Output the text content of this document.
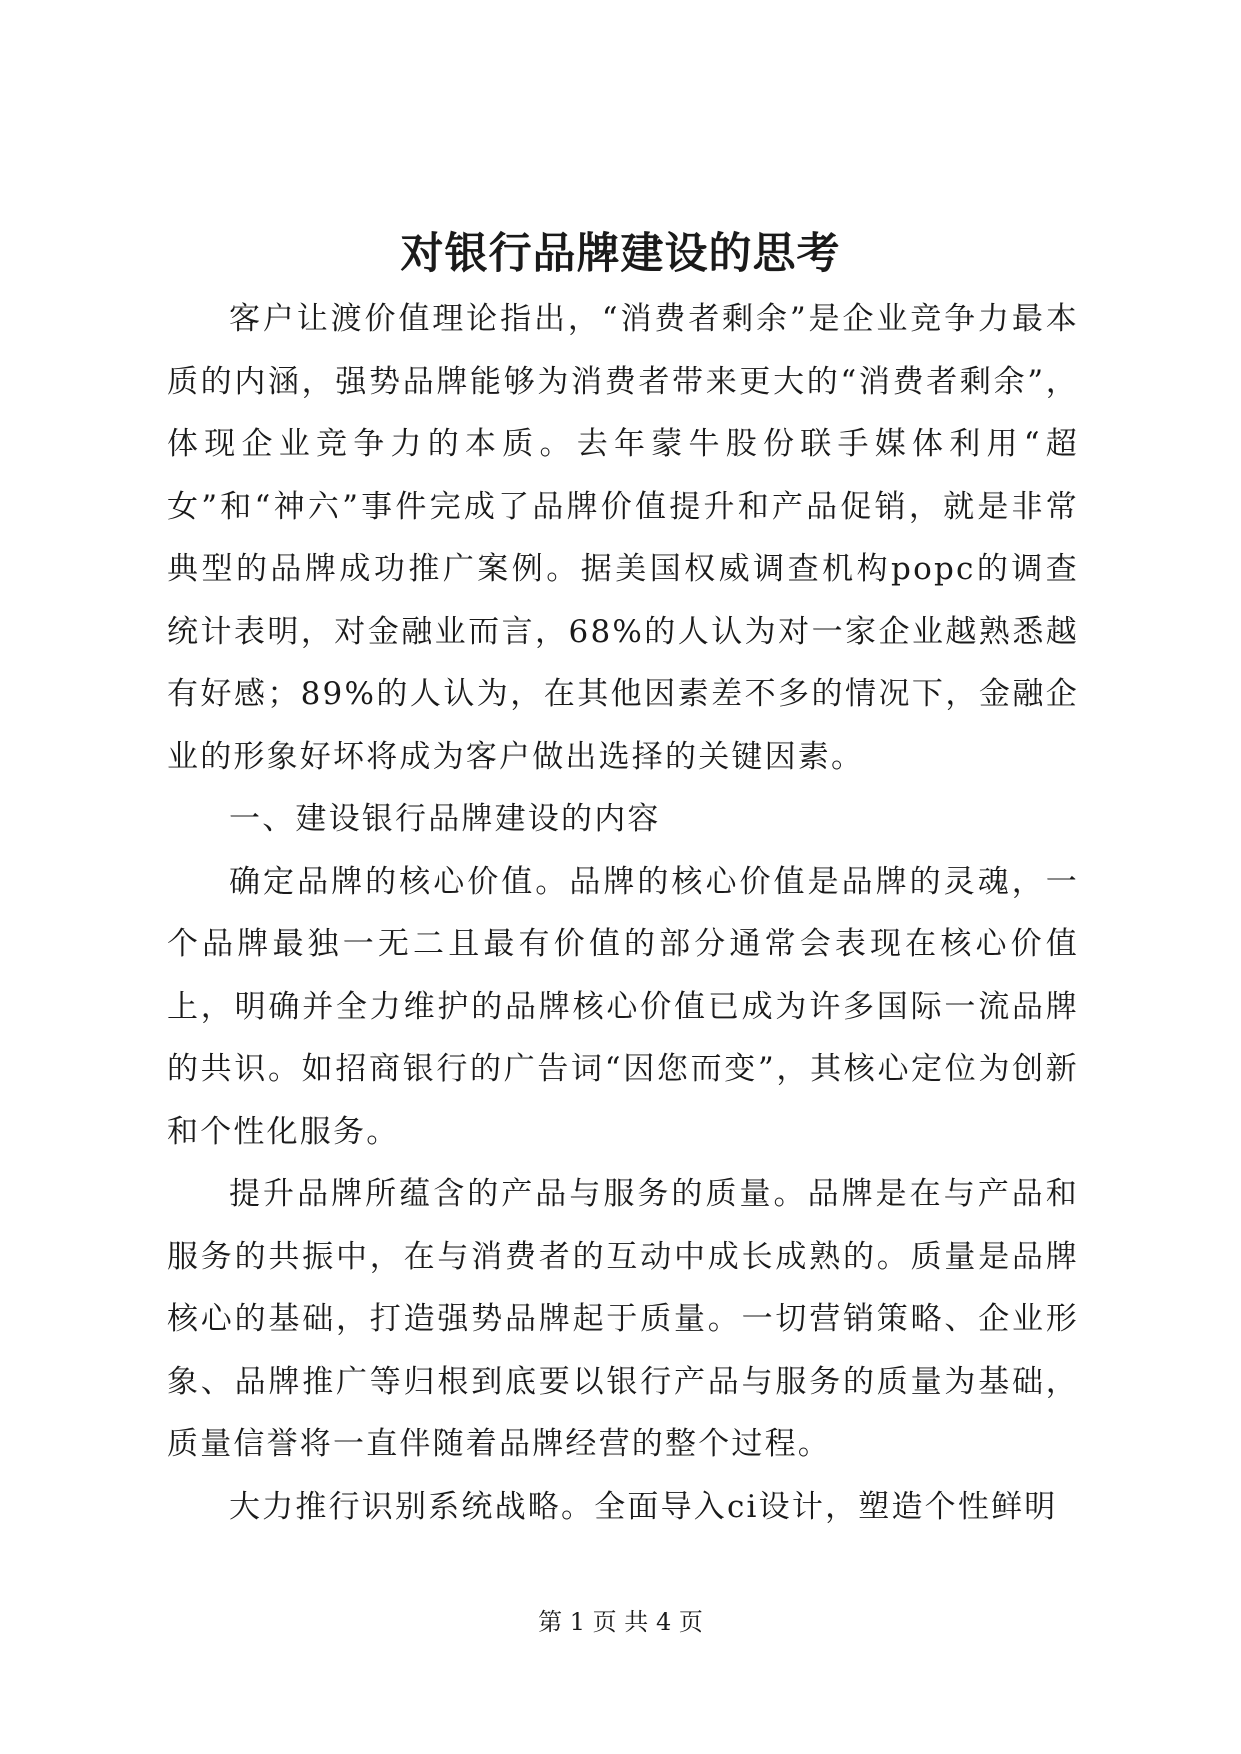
对银行品牌建设的思考

客户让渡价值理论指出，“消费者剩余”是企业竞争力最本质的内涵，强势品牌能够为消费者带来更大的“消费者剩余”，体现企业竞争力的本质。去年蒙牛股份联手媒体利用“超女”和“神六”事件完成了品牌价值提升和产品促销，就是非常典型的品牌成功推广案例。据美国权威调查机构popc的调查统计表明，对金融业而言，68%的人认为对一家企业越熟悉越有好感；89%的人认为，在其他因素差不多的情况下，金融企业的形象好坏将成为客户做出选择的关键因素。

一、建设银行品牌建设的内容

确定品牌的核心价值。品牌的核心价值是品牌的灵魂，一个品牌最独一无二且最有价值的部分通常会表现在核心价值上，明确并全力维护的品牌核心价值已成为许多国际一流品牌的共识。如招商银行的广告词“因您而变”，其核心定位为创新和个性化服务。

提升品牌所蕴含的产品与服务的质量。品牌是在与产品和服务的共振中，在与消费者的互动中成长成熟的。质量是品牌核心的基础，打造强势品牌起于质量。一切营销策略、企业形象、品牌推广等归根到底要以银行产品与服务的质量为基础，质量信誉将一直伴随着品牌经营的整个过程。

大力推行识别系统战略。全面导入ci设计，塑造个性鲜明

第 1 页 共 4 页
